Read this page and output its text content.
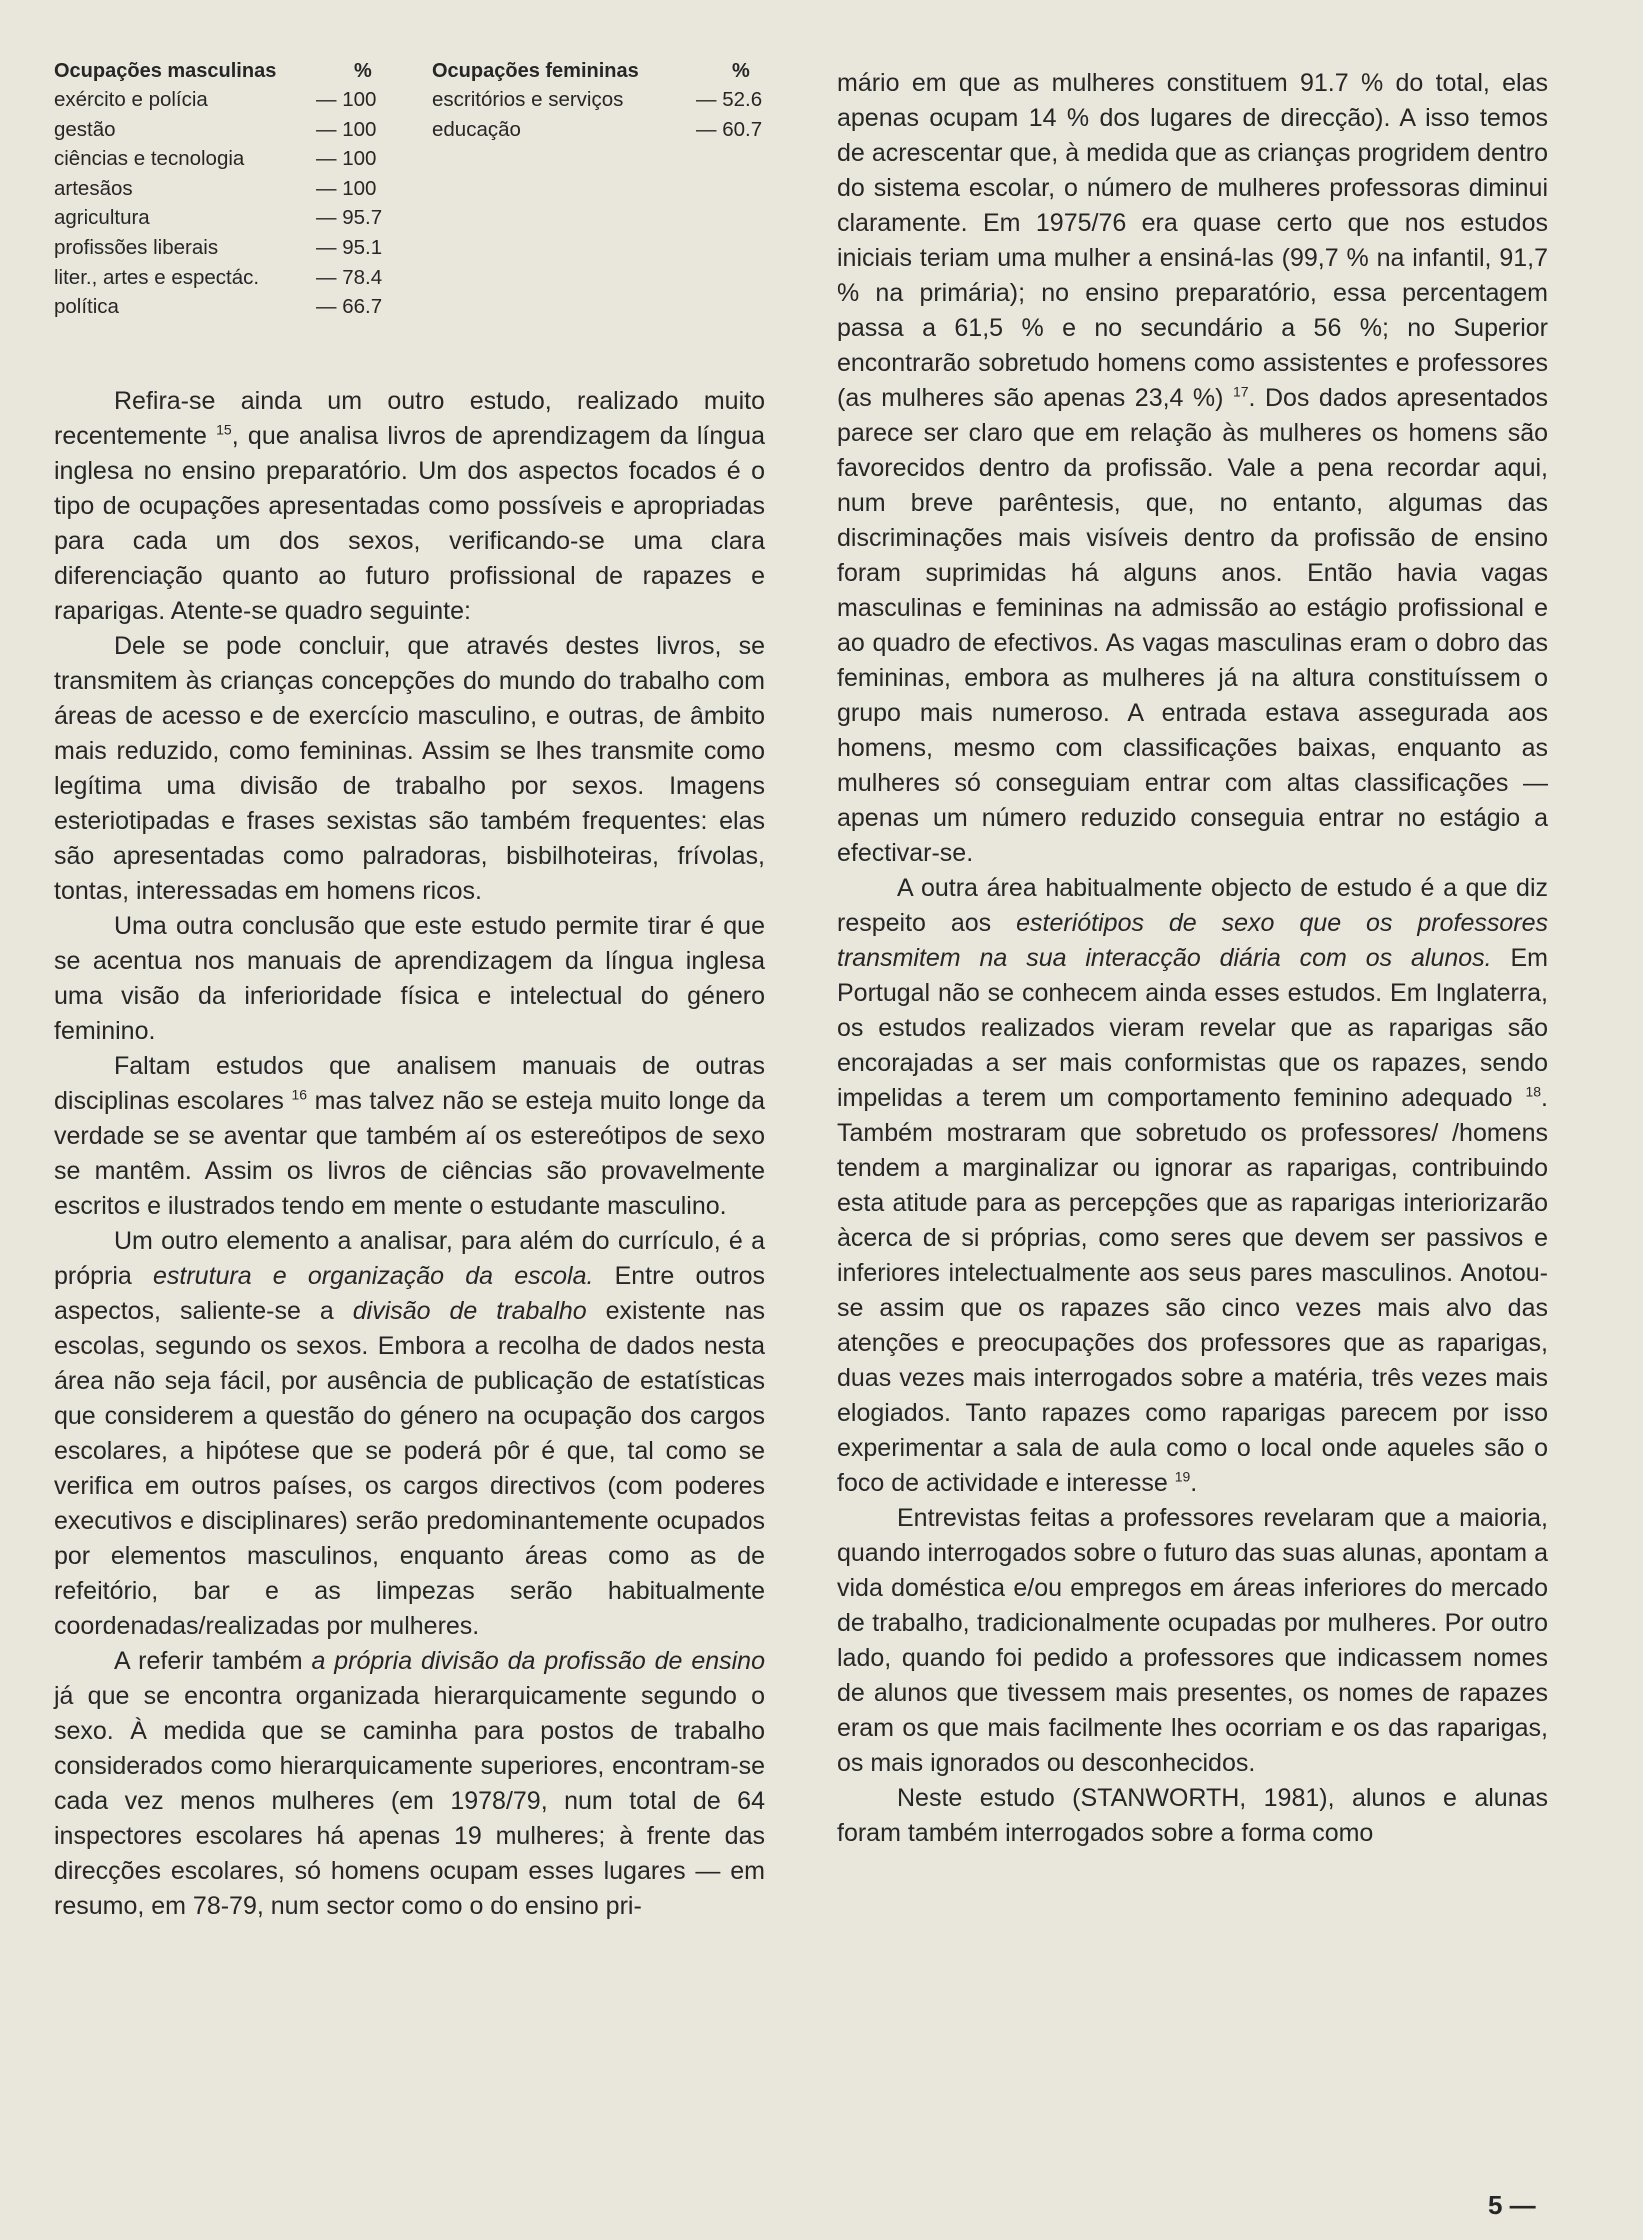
Ocupações masculinas	%
exército e polícia	— 100
gestão	— 100
ciências e tecnologia	— 100
artesãos	— 100
agricultura	— 95.7
profissões liberais	— 95.1
liter., artes e espectác.	— 78.4
política	— 66.7
Ocupações femininas	%
escritórios e serviços	— 52.6
educação	— 60.7

Refira-se ainda um outro estudo, realizado muito recentemente $^{15}$, que analisa livros de aprendizagem da língua inglesa no ensino preparatório. Um dos aspectos focados é o tipo de ocupações apresentadas como possíveis e apropriadas para cada um dos sexos, verificando-se uma clara diferenciação quanto ao futuro profissional de rapazes e raparigas. Atente-se quadro seguinte:

Dele se pode concluir, que através destes livros, se transmitem às crianças concepções do mundo do trabalho com áreas de acesso e de exercício masculino, e outras, de âmbito mais reduzido, como femininas. Assim se lhes transmite como legítima uma divisão de trabalho por sexos. Imagens esteriotipadas e frases sexistas são também frequentes: elas são apresentadas como palradoras, bisbilhoteiras, frívolas, tontas, interessadas em homens ricos.

Uma outra conclusão que este estudo permite tirar é que se acentua nos manuais de aprendizagem da língua inglesa uma visão da inferioridade física e intelectual do género feminino.

Faltam estudos que analisem manuais de outras disciplinas escolares $^{16}$ mas talvez não se esteja muito longe da verdade se se aventar que também aí os estereótipos de sexo se mantêm. Assim os livros de ciências são provavelmente escritos e ilustrados tendo em mente o estudante masculino.

Um outro elemento a analisar, para além do currículo, é a própria estrutura e organização da escola. Entre outros aspectos, saliente-se a divisão de trabalho existente nas escolas, segundo os sexos. Embora a recolha de dados nesta área não seja fácil, por ausência de publicação de estatísticas que considerem a questão do género na ocupação dos cargos escolares, a hipótese que se poderá pôr é que, tal como se verifica em outros países, os cargos directivos (com poderes executivos e disciplinares) serão predominantemente ocupados por elementos masculinos, enquanto áreas como as de refeitório, bar e as limpezas serão habitualmente coordenadas/realizadas por mulheres.

A referir também a própria divisão da profissão de ensino já que se encontra organizada hierarquicamente segundo o sexo. À medida que se caminha para postos de trabalho considerados como hierarquicamente superiores, encontram-se cada vez menos mulheres (em 1978/79, num total de 64 inspectores escolares há apenas 19 mulheres; à frente das direcções escolares, só homens ocupam esses lugares — em resumo, em 78-79, num sector como o do ensino pri-

mário em que as mulheres constituem 91.7 % do total, elas apenas ocupam 14 % dos lugares de direcção). A isso temos de acrescentar que, à medida que as crianças progridem dentro do sistema escolar, o número de mulheres professoras diminui claramente. Em 1975/76 era quase certo que nos estudos iniciais teriam uma mulher a ensiná-las (99,7 % na infantil, 91,7 % na primária); no ensino preparatório, essa percentagem passa a 61,5 % e no secundário a 56 %; no Superior encontrarão sobretudo homens como assistentes e professores (as mulheres são apenas 23,4 %) $^{17}$. Dos dados apresentados parece ser claro que em relação às mulheres os homens são favorecidos dentro da profissão. Vale a pena recordar aqui, num breve parêntesis, que, no entanto, algumas das discriminações mais visíveis dentro da profissão de ensino foram suprimidas há alguns anos. Então havia vagas masculinas e femininas na admissão ao estágio profissional e ao quadro de efectivos. As vagas masculinas eram o dobro das femininas, embora as mulheres já na altura constituíssem o grupo mais numeroso. A entrada estava assegurada aos homens, mesmo com classificações baixas, enquanto as mulheres só conseguiam entrar com altas classificações — apenas um número reduzido conseguia entrar no estágio a efectivar-se.

A outra área habitualmente objecto de estudo é a que diz respeito aos esteriótipos de sexo que os professores transmitem na sua interacção diária com os alunos. Em Portugal não se conhecem ainda esses estudos. Em Inglaterra, os estudos realizados vieram revelar que as raparigas são encorajadas a ser mais conformistas que os rapazes, sendo impelidas a terem um comportamento feminino adequado $^{18}$. Também mostraram que sobretudo os professores/ /homens tendem a marginalizar ou ignorar as raparigas, contribuindo esta atitude para as percepções que as raparigas interiorizarão àcerca de si próprias, como seres que devem ser passivos e inferiores intelectualmente aos seus pares masculinos. Anotou-se assim que os rapazes são cinco vezes mais alvo das atenções e preocupações dos professores que as raparigas, duas vezes mais interrogados sobre a matéria, três vezes mais elogiados. Tanto rapazes como raparigas parecem por isso experimentar a sala de aula como o local onde aqueles são o foco de actividade e interesse $^{19}$.

Entrevistas feitas a professores revelaram que a maioria, quando interrogados sobre o futuro das suas alunas, apontam a vida doméstica e/ou empregos em áreas inferiores do mercado de trabalho, tradicionalmente ocupadas por mulheres. Por outro lado, quando foi pedido a professores que indicassem nomes de alunos que tivessem mais presentes, os nomes de rapazes eram os que mais facilmente lhes ocorriam e os das raparigas, os mais ignorados ou desconhecidos.

Neste estudo (STANWORTH, 1981), alunos e alunas foram também interrogados sobre a forma como

5 —
